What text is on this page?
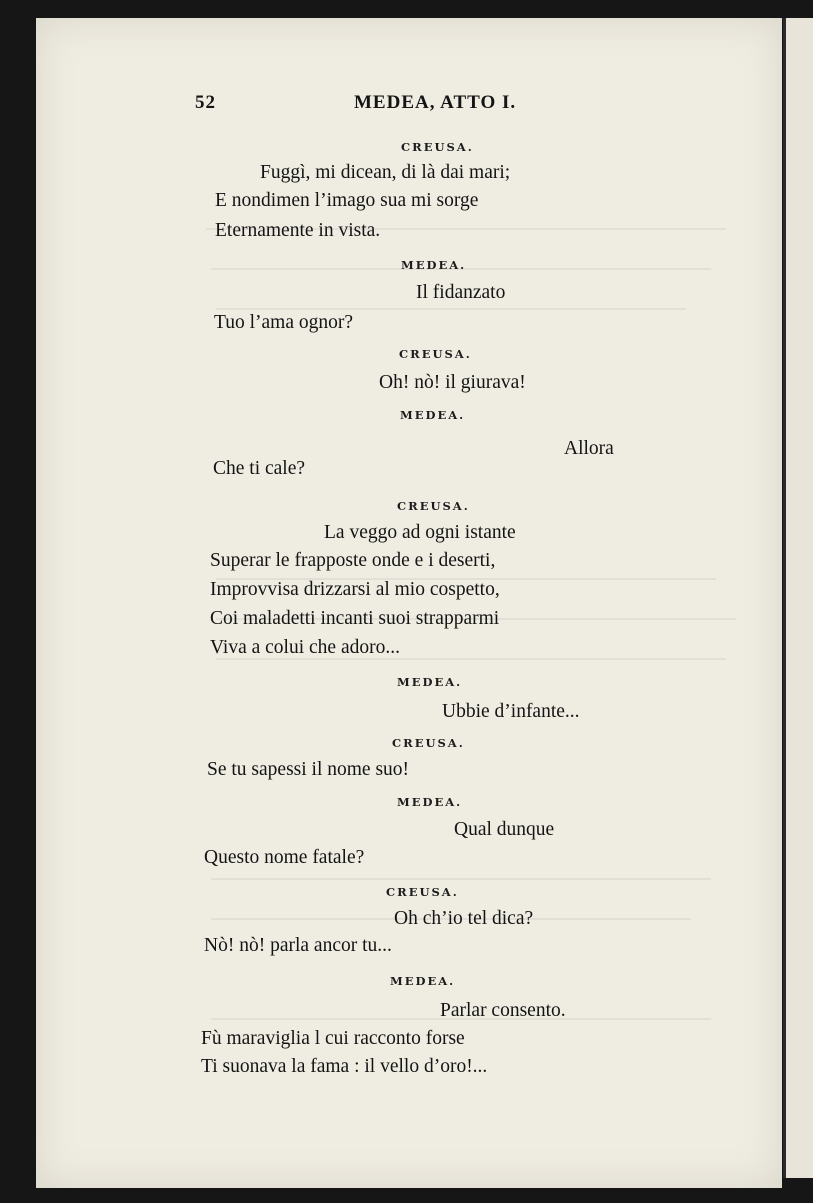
52	MEDEA, ATTO I.
CREUSA.
Fuggì, mi dicean, di là dai mari;
E nondimen l’imago sua mi sorge
Eternamente in vista.
MEDEA.
Il fidanzato
Tuo l’ama ognor?
CREUSA.
Oh! nò! il giurava!
MEDEA.
Allora
Che ti cale?
CREUSA.
La veggo ad ogni istante
Superar le frapposte onde e i deserti,
Improvvisa drizzarsi al mio cospetto,
Coi maladetti incanti suoi strapparmi
Viva a colui che adoro...
MEDEA.
Ubbie d’infante...
CREUSA.
Se tu sapessi il nome suo!
MEDEA.
Qual dunque
Questo nome fatale?
CREUSA.
Oh ch’io tel dica?
Nò! nò! parla ancor tu...
MEDEA.
Parlar consento.
Fù maraviglia l cui racconto forse
Ti suonava la fama : il vello d’oro!...
